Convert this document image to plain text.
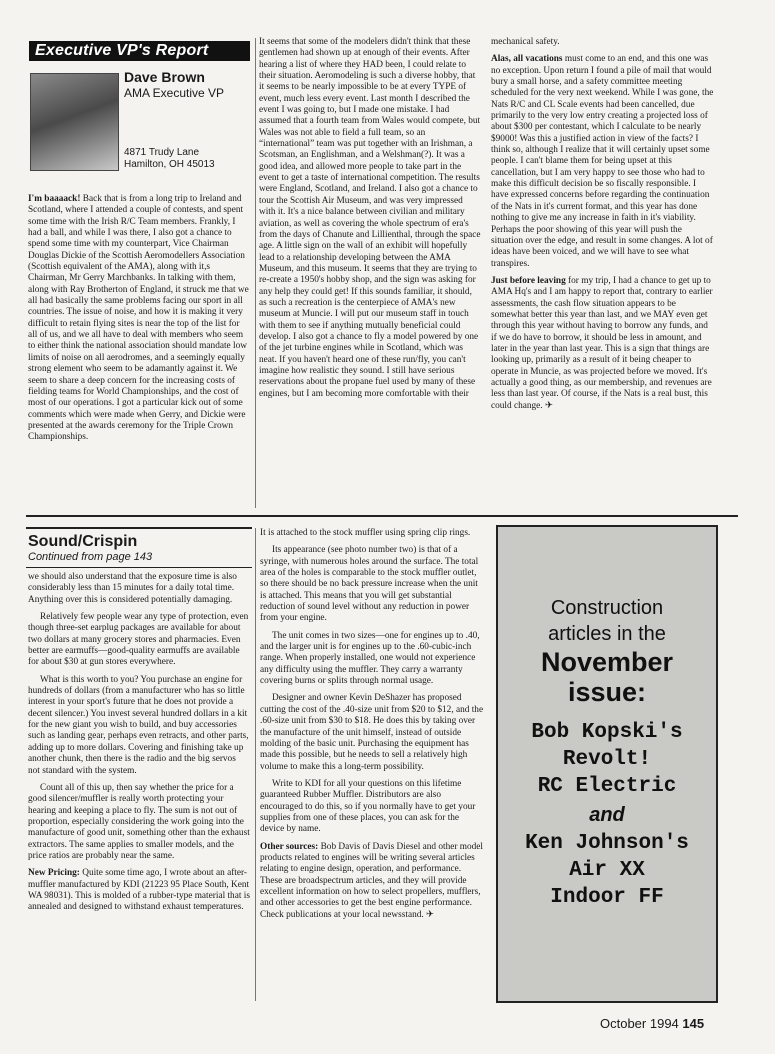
Executive VP's Report
Dave Brown
AMA Executive VP
4871 Trudy Lane
Hamilton, OH 45013

I'm baaaack! Back that is from a long trip to Ireland and Scotland, where I attended a couple of contests, and spent some time with the Irish R/C Team members. Frankly, I had a ball, and while I was there, I also got a chance to spend some time with my counterpart, Vice Chairman Douglas Dickie of the Scottish Aeromodellers Association (Scottish equivalent of the AMA), along with it,s Chairman, Mr Gerry Marchbanks. In talking with them, along with Ray Brotherton of England, it struck me that we all had basically the same problems facing our sport in all countries. The issue of noise, and how it is making it very difficult to retain flying sites is near the top of the list for all of us, and we all have to deal with members who seem to either think the national association should mandate low limits of noise on all aerodromes, and a seemingly equally strong element who seem to be adamantly against it. We seem to share a deep concern for the increasing costs of fielding teams for World Championships, and the cost of most of our operations. I got a particular kick out of some comments which were made when Gerry, and Dickie were presented at the awards ceremony for the Triple Crown Championships.

It seems that some of the modelers didn't think that these gentlemen had shown up at enough of their events. After hearing a list of where they HAD been, I could relate to their situation. Aeromodeling is such a diverse hobby, that it seems to be nearly impossible to be at every TYPE of event, much less every event. Last month I described the event I was going to, but I made one mistake. I had assumed that a fourth team from Wales would compete, but Wales was not able to field a full team, so an “international” team was put together with an Irishman, a Scotsman, an Englishman, and a Welshman(?). It was a good idea, and allowed more people to take part in the event to get a taste of international competition. The results were England, Scotland, and Ireland. I also got a chance to tour the Scottish Air Museum, and was very impressed with it. It's a nice balance between civilian and military aviation, as well as covering the whole spectrum of era's from the days of Chanute and Lillienthal, through the space age. A little sign on the wall of an exhibit will hopefully lead to a relationship developing between the AMA Museum, and this museum. It seems that they are trying to re-create a 1950's hobby shop, and the sign was asking for any help they could get! If this sounds familiar, it should, as such a recreation is the centerpiece of AMA's new museum at Muncie. I will put our museum staff in touch with them to see if anything mutually beneficial could develop. I also got a chance to fly a model powered by one of the jet turbine engines while in Scotland, which was neat. If you haven't heard one of these run/fly, you can't imagine how realistic they sound. I still have serious reservations about the propane fuel used by many of these engines, but I am becoming more comfortable with their

mechanical safety.

Alas, all vacations must come to an end, and this one was no exception. Upon return I found a pile of mail that would bury a small horse, and a safety committee meeting scheduled for the very next weekend. While I was gone, the Nats R/C and CL Scale events had been cancelled, due primarily to the very low entry creating a projected loss of about $300 per contestant, which I calculate to be nearly $9000! Was this a justified action in view of the facts? I think so, although I realize that it will certainly upset some people. I can't blame them for being upset at this cancellation, but I am very happy to see those who had to make this difficult decision be so fiscally responsible. I have expressed concerns before regarding the continuation of the Nats in it's current format, and this year has done nothing to give me any increase in faith in it's viability. Perhaps the poor showing of this year will push the situation over the edge, and result in some changes. A lot of ideas have been voiced, and we will have to see what transpires.

Just before leaving for my trip, I had a chance to get up to AMA Hq's and I am happy to report that, contrary to earlier assessments, the cash flow situation appears to be somewhat better this year than last, and we MAY even get through this year without having to borrow any funds, and if we do have to borrow, it should be less in amount, and later in the year than last year. This is a sign that things are looking up, primarily as a result of it being cheaper to operate in Muncie, as was projected before we moved. It's actually a good thing, as our membership, and revenues are less than last year. Of course, if the Nats is a real bust, this could change. ✈

Sound/Crispin
Continued from page 143

we should also understand that the exposure time is also considerably less than 15 minutes for a daily total time. Anything over this is considered potentially damaging.

Relatively few people wear any type of protection, even though three-set earplug packages are available for about two dollars at many grocery stores and pharmacies. Even better are earmuffs—good-quality earmuffs are available for about $30 at gun stores everywhere.

What is this worth to you? You purchase an engine for hundreds of dollars (from a manufacturer who has so little interest in your sport's future that he does not provide a decent silencer.) You invest several hundred dollars in a kit for the new giant you wish to build, and buy accessories such as landing gear, perhaps even retracts, and other parts, adding up to more dollars. Covering and finishing take up another chunk, then there is the radio and the big servos not standard with the system.

Count all of this up, then say whether the price for a good silencer/muffler is really worth protecting your hearing and keeping a place to fly. The sum is not out of proportion, especially considering the work going into the manufacture of good unit, something other than the exhaust extractors. The same applies to smaller models, and the price ratios are probably near the same.

New Pricing: Quite some time ago, I wrote about an after-muffler manufactured by KDI (21223 95 Place South, Kent WA 98031). This is molded of a rubber-type material that is annealed and designed to withstand exhaust temperatures.

It is attached to the stock muffler using spring clip rings.

Its appearance (see photo number two) is that of a syringe, with numerous holes around the surface. The total area of the holes is comparable to the stock muffler outlet, so there should be no back pressure increase when the unit is attached. This means that you will get substantial reduction of sound level without any reduction in power from your engine.

The unit comes in two sizes—one for engines up to .40, and the larger unit is for engines up to the .60-cubic-inch range. When properly installed, one would not experience any difficulty using the muffler. They carry a warranty covering burns or splits through normal usage.

Designer and owner Kevin DeShazer has proposed cutting the cost of the .40-size unit from $20 to $12, and the .60-size unit from $30 to $18. He does this by taking over the manufacture of the unit himself, instead of outside molding of the basic unit. Purchasing the equipment has made this possible, but he needs to sell a relatively high volume to make this a long-term possibility.

Write to KDI for all your questions on this lifetime guaranteed Rubber Muffler. Distributors are also encouraged to do this, so if you normally have to get your supplies from one of these places, you can ask for the device by name.

Other sources: Bob Davis of Davis Diesel and other model products related to engines will be writing several articles relating to engine design, operation, and performance. These are broadspectrum articles, and they will provide excellent information on how to select propellers, mufflers, and other accessories to get the best engine performance. Check publications at your local newsstand. ✈

Construction
articles in the
November
issue:
Bob Kopski's
Revolt!
RC Electric
and
Ken Johnson's
Air XX
Indoor FF
October 1994 145
